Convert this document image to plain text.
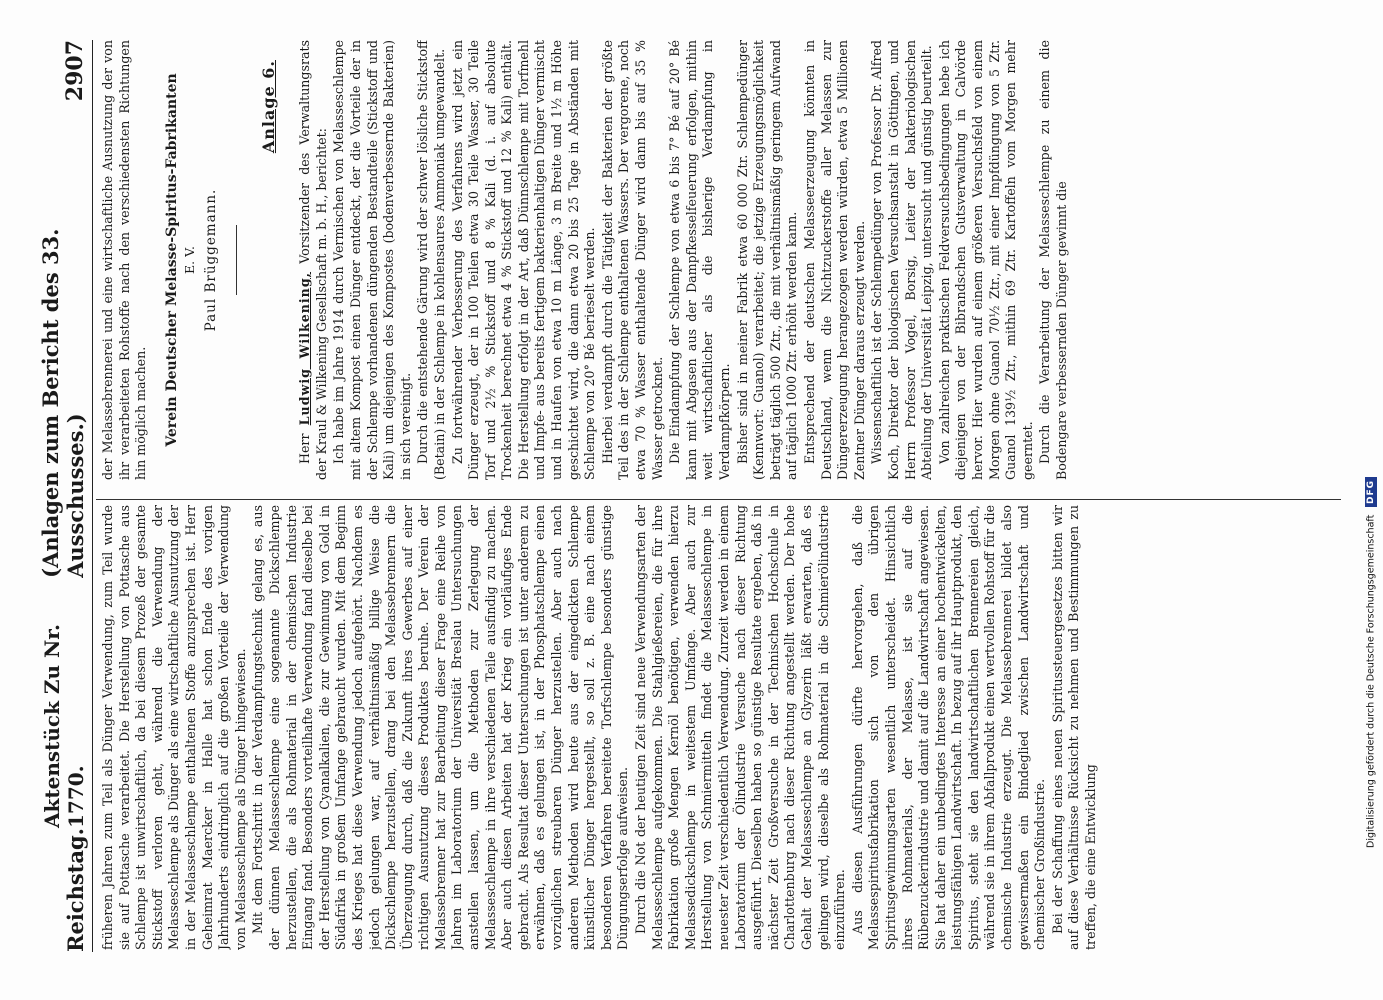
Reichstag.
Aktenstück Zu Nr. 1770.
(Anlagen zum Bericht des 33. Ausschusses.)
2907

früheren Jahren zum Teil als Dünger Verwendung, zum Teil wurde sie auf Pottasche verarbeitet. Die Herstellung von Pottasche aus Schlempe ist unwirtschaftlich, da bei diesem Prozeß der gesamte Stickstoff verloren geht, während die Verwendung der Melasseschlempe als Dünger als eine wirtschaftliche Ausnutzung der in der Melasseschlempe enthaltenen Stoffe anzusprechen ist. Herr Geheimrat Maercker in Halle hat schon Ende des vorigen Jahrhunderts eindringlich auf die großen Vorteile der Verwendung von Melasseschlempe als Dünger hingewiesen. Mit dem Fortschritt in der Verdampfungstechnik gelang es, aus der dünnen Melasseschlempe eine sogenannte Dickschlempe herzustellen, die als Rohmaterial in der chemischen Industrie Eingang fand. Besonders vorteilhafte Verwendung fand dieselbe bei der Herstellung von Cyanalkalien, die zur Gewinnung von Gold in Südafrika in großem Umfange gebraucht wurden. Mit dem Beginn des Krieges hat diese Verwendung jedoch aufgehört. Nachdem es jedoch gelungen war, auf verhältnismäßig billige Weise die Dickschlempe herzustellen, drang bei den Melassebrennern die Überzeugung durch, daß die Zukunft ihres Gewerbes auf einer richtigen Ausnutzung dieses Produktes beruhe. Der Verein der Melassebrenner hat zur Bearbeitung dieser Frage eine Reihe von Jahren im Laboratorium der Universität Breslau Untersuchungen anstellen lassen, um die Methoden zur Zerlegung der Melasseschlempe in ihre verschiedenen Teile ausfindig zu machen. Aber auch diesen Arbeiten hat der Krieg ein vorläufiges Ende gebracht. Als Resultat dieser Untersuchungen ist unter anderem zu erwähnen, daß es gelungen ist, in der Phosphatschlempe einen vorzüglichen streubaren Dünger herzustellen. Aber auch nach anderen Methoden wird heute aus der eingedickten Schlempe künstlicher Dünger hergestellt, so soll z. B. eine nach einem besonderen Verfahren bereitete Torfschlempe besonders günstige Düngungserfolge aufweisen. Durch die Not der heutigen Zeit sind neue Verwendungsarten der Melasseschlempe aufgekommen. Die Stahlgießereien, die für ihre Fabrikation große Mengen Kernöl benötigen, verwenden hierzu Melassedickschlempe in weitestem Umfange. Aber auch zur Herstellung von Schmiermitteln findet die Melasseschlempe in neuester Zeit verschiedentlich Verwendung. Zurzeit werden in einem Laboratorium der Ölindustrie Versuche nach dieser Richtung ausgeführt. Dieselben haben so günstige Resultate ergeben, daß in nächster Zeit Großversuche in der Technischen Hochschule in Charlottenburg nach dieser Richtung angestellt werden. Der hohe Gehalt der Melasseschlempe an Glyzerin läßt erwarten, daß es gelingen wird, dieselbe als Rohmaterial in die Schmierölindustrie einzuführen. Aus diesen Ausführungen dürfte hervorgehen, daß die Melassespiritusfabrikation sich von den übrigen Spiritusgewinnungsarten wesentlich unterscheidet. Hinsichtlich ihres Rohmaterials, der Melasse, ist sie auf die Rübenzuckerindustrie und damit auf die Landwirtschaft angewiesen. Sie hat daher ein unbedingtes Interesse an einer hochentwickelten, leistungsfähigen Landwirtschaft. In bezug auf ihr Hauptprodukt, den Spiritus, steht sie den landwirtschaftlichen Brennereien gleich, während sie in ihrem Abfallprodukt einen wertvollen Rohstoff für die chemische Industrie erzeugt. Die Melassebrennerei bildet also gewissermaßen ein Bindeglied zwischen Landwirtschaft und chemischer Großindustrie. Bei der Schaffung eines neuen Spiritussteuergesetzes bitten wir auf diese Verhältnisse Rücksicht zu nehmen und Bestimmungen zu treffen, die eine Entwicklung

der Melassebrennerei und eine wirtschaftliche Ausnutzung der von ihr verarbeiteten Rohstoffe nach den verschiedensten Richtungen hin möglich machen. Verein Deutscher Melasse-Spiritus-Fabrikanten E. V. Paul Brüggemann.

Anlage 6.

Herr Ludwig Wilkening, Vorsitzender des Verwaltungsrats der Kraul & Wilkening Gesellschaft m. b. H., berichtet: Ich habe im Jahre 1914 durch Vermischen von Melasseschlempe mit altem Kompost einen Dünger entdeckt, der die Vorteile der in der Schlempe vorhandenen düngenden Bestandteile (Stickstoff und Kali) um diejenigen des Kompostes (bodenverbessernde Bakterien) in sich vereinigt. Durch die entstehende Gärung wird der schwer lösliche Stickstoff (Betain) in der Schlempe in kohlensaures Ammoniak umgewandelt. Zu fortwährender Verbesserung des Verfahrens wird jetzt ein Dünger erzeugt, der in 100 Teilen etwa 30 Teile Wasser, 30 Teile Torf und 2½ % Stickstoff und 8 % Kali (d. i. auf absolute Trockenheit berechnet etwa 4 % Stickstoff und 12 % Kali) enthält. Die Herstellung erfolgt in der Art, daß Dünnschlempe mit Torfmehl und Impfe- aus bereits fertigem bakterienhaltigen Dünger vermischt und in Haufen von etwa 10 m Länge, 3 m Breite und 1½ m Höhe geschichtet wird, die dann etwa 20 bis 25 Tage in Abständen mit Schlempe von 20° Bé berieselt werden. Hierbei verdampft durch die Tätigkeit der Bakterien der größte Teil des in der Schlempe enthaltenen Wassers. Der vergorene, noch etwa 70 % Wasser enthaltende Dünger wird dann bis auf 35 % Wasser getrocknet. Die Eindampfung der Schlempe von etwa 6 bis 7° Bé auf 20° Bé kann mit Abgasen aus der Dampfkesselfeuerung erfolgen, mithin weit wirtschaftlicher als die bisherige Verdampfung in Verdampfkörpern. Bisher sind in meiner Fabrik etwa 60 000 Ztr. Schlempedünger (Kennwort: Guanol) verarbeitet; die jetzige Erzeugungsmöglichkeit beträgt täglich 500 Ztr., die mit verhältnismäßig geringem Aufwand auf täglich 1000 Ztr. erhöht werden kann. Entsprechend der deutschen Melasseerzeugung könnten in Deutschland, wenn die Nichtzuckerstoffe aller Melassen zur Düngererzeugung herangezogen werden würden, etwa 5 Millionen Zentner Dünger daraus erzeugt werden. Wissenschaftlich ist der Schlempedünger von Professor Dr. Alfred Koch, Direktor der biologischen Versuchsanstalt in Göttingen, und Herrn Professor Vogel, Borsig, Leiter der bakteriologischen Abteilung der Universität Leipzig, untersucht und günstig beurteilt. Von zahlreichen praktischen Feldversuchsbedingungen hebe ich diejenigen von der Bibrandschen Gutsverwaltung in Calvörde hervor. Hier wurden auf einem größeren Versuchsfeld von einem Morgen ohne Guanol 70½ Ztr., mit einer Impfdüngung von 5 Ztr. Guanol 139½ Ztr., mithin 69 Ztr. Kartoffeln vom Morgen mehr geerntet. Durch die Verarbeitung der Melasseschlempe zu einem die Bodengare verbessernden Dünger gewinnt die

Digitalisierung gefördert durch die Deutsche Forschungsgemeinschaft
DFG
